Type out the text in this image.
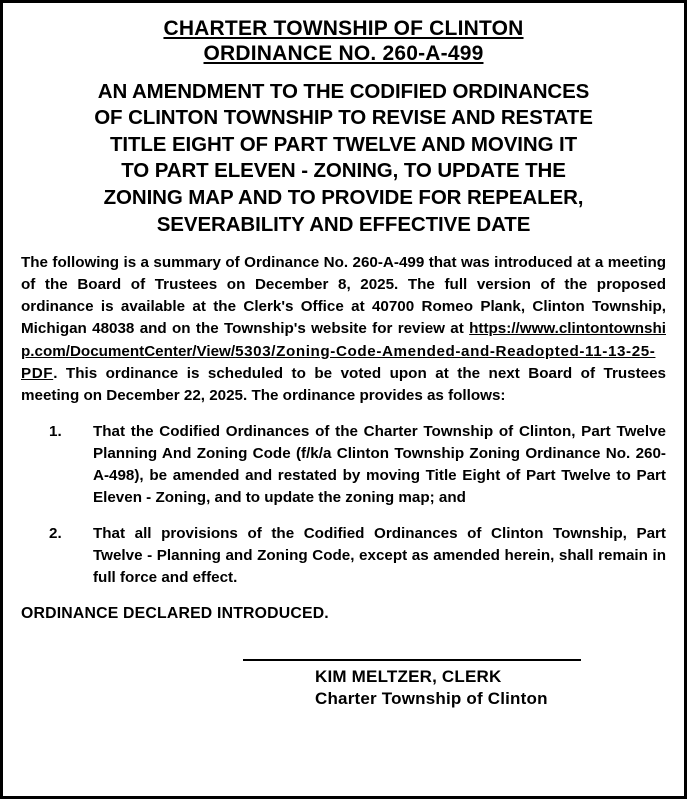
CHARTER TOWNSHIP OF CLINTON
ORDINANCE NO. 260-A-499
AN AMENDMENT TO THE CODIFIED ORDINANCES
OF CLINTON TOWNSHIP TO REVISE AND RESTATE
TITLE EIGHT OF PART TWELVE AND MOVING IT
TO PART ELEVEN - ZONING, TO UPDATE THE
ZONING MAP AND TO PROVIDE FOR REPEALER,
SEVERABILITY AND EFFECTIVE DATE

The following is a summary of Ordinance No. 260-A-499 that was introduced at a meeting of the Board of Trustees on December 8, 2025. The full version of the proposed ordinance is available at the Clerk's Office at 40700 Romeo Plank, Clinton Township, Michigan 48038 and on the Township's website for review at https://www.clintontownship.com/DocumentCenter/View/5303/Zoning-Code-Amended-and-Readopted-11-13-25-PDF. This ordinance is scheduled to be voted upon at the next Board of Trustees meeting on December 22, 2025. The ordinance provides as follows:

1.	That the Codified Ordinances of the Charter Township of Clinton, Part Twelve Planning And Zoning Code (f/k/a Clinton Township Zoning Ordinance No. 260-A-498), be amended and restated by moving Title Eight of Part Twelve to Part Eleven - Zoning, and to update the zoning map; and
2.	That all provisions of the Codified Ordinances of Clinton Township, Part Twelve - Planning and Zoning Code, except as amended herein, shall remain in full force and effect.
ORDINANCE DECLARED INTRODUCED.
KIM MELTZER, CLERK
Charter Township of Clinton
